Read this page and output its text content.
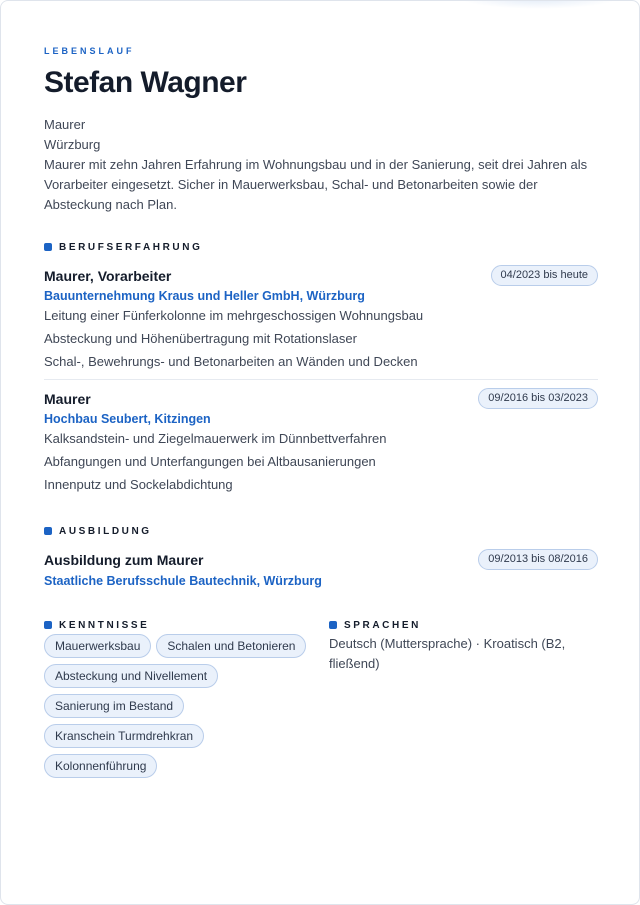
LEBENSLAUF
Stefan Wagner
Maurer
Würzburg
Maurer mit zehn Jahren Erfahrung im Wohnungsbau und in der Sanierung, seit drei Jahren als Vorarbeiter eingesetzt. Sicher in Mauerwerksbau, Schal- und Betonarbeiten sowie der Absteckung nach Plan.
BERUFSERFAHRUNG
Maurer, Vorarbeiter	04/2023 bis heute
Bauunternehmung Kraus und Heller GmbH, Würzburg
Leitung einer Fünferkolonne im mehrgeschossigen Wohnungsbau
Absteckung und Höhenübertragung mit Rotationslaser
Schal-, Bewehrungs- und Betonarbeiten an Wänden und Decken
Maurer	09/2016 bis 03/2023
Hochbau Seubert, Kitzingen
Kalksandstein- und Ziegelmauerwerk im Dünnbettverfahren
Abfangungen und Unterfangungen bei Altbausanierungen
Innenputz und Sockelabdichtung
AUSBILDUNG
Ausbildung zum Maurer	09/2013 bis 08/2016
Staatliche Berufsschule Bautechnik, Würzburg
KENNTNISSE
Mauerwerksbau	Schalen und Betonieren
Absteckung und Nivellement
Sanierung im Bestand
Kranschein Turmdrehkran
Kolonnenführung
SPRACHEN
Deutsch (Muttersprache) · Kroatisch (B2, fließend)
